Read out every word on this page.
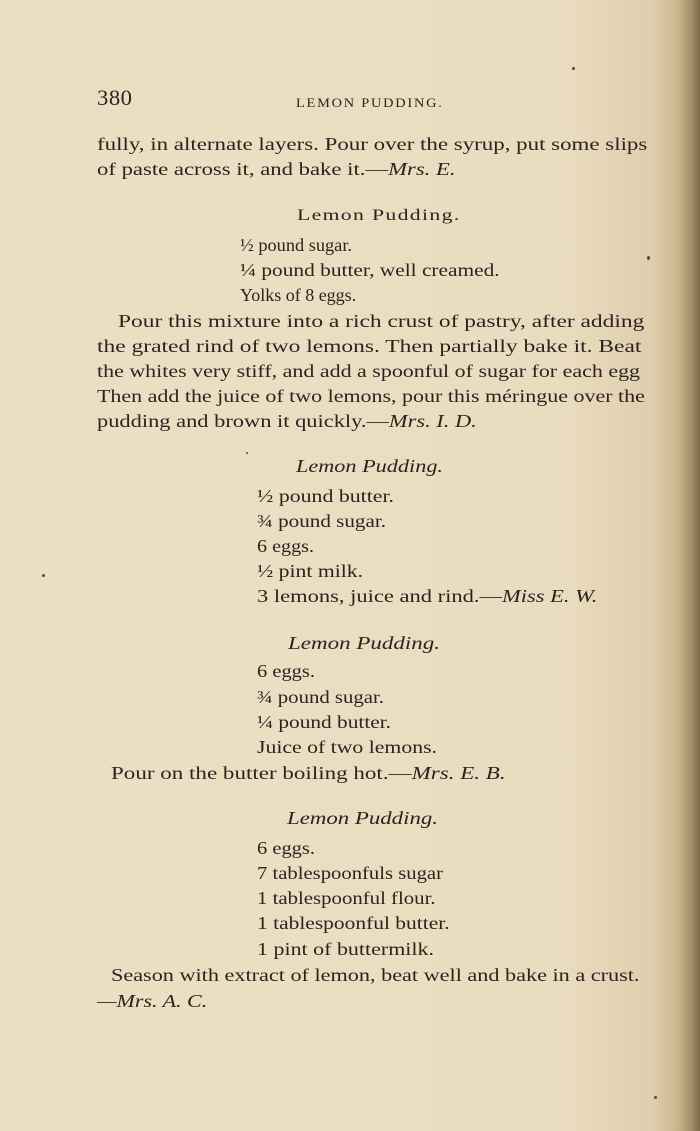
380	LEMON PUDDING.
fully, in alternate layers. Pour over the syrup, put some slips
of paste across it, and bake it.—Mrs. E.
Lemon Pudding.
½ pound sugar.
¼ pound butter, well creamed.
Yolks of 8 eggs.
Pour this mixture into a rich crust of pastry, after adding
the grated rind of two lemons. Then partially bake it. Beat
the whites very stiff, and add a spoonful of sugar for each egg
Then add the juice of two lemons, pour this méringue over the
pudding and brown it quickly.—Mrs. I. D.
Lemon Pudding.
½ pound butter.
¾ pound sugar.
6 eggs.
½ pint milk.
3 lemons, juice and rind.—Miss E. W.
Lemon Pudding.
6 eggs.
¾ pound sugar.
¼ pound butter.
Juice of two lemons.
Pour on the butter boiling hot.—Mrs. E. B.
Lemon Pudding.
6 eggs.
7 tablespoonfuls sugar
1 tablespoonful flour.
1 tablespoonful butter.
1 pint of buttermilk.
Season with extract of lemon, beat well and bake in a crust.
—Mrs. A. C.
